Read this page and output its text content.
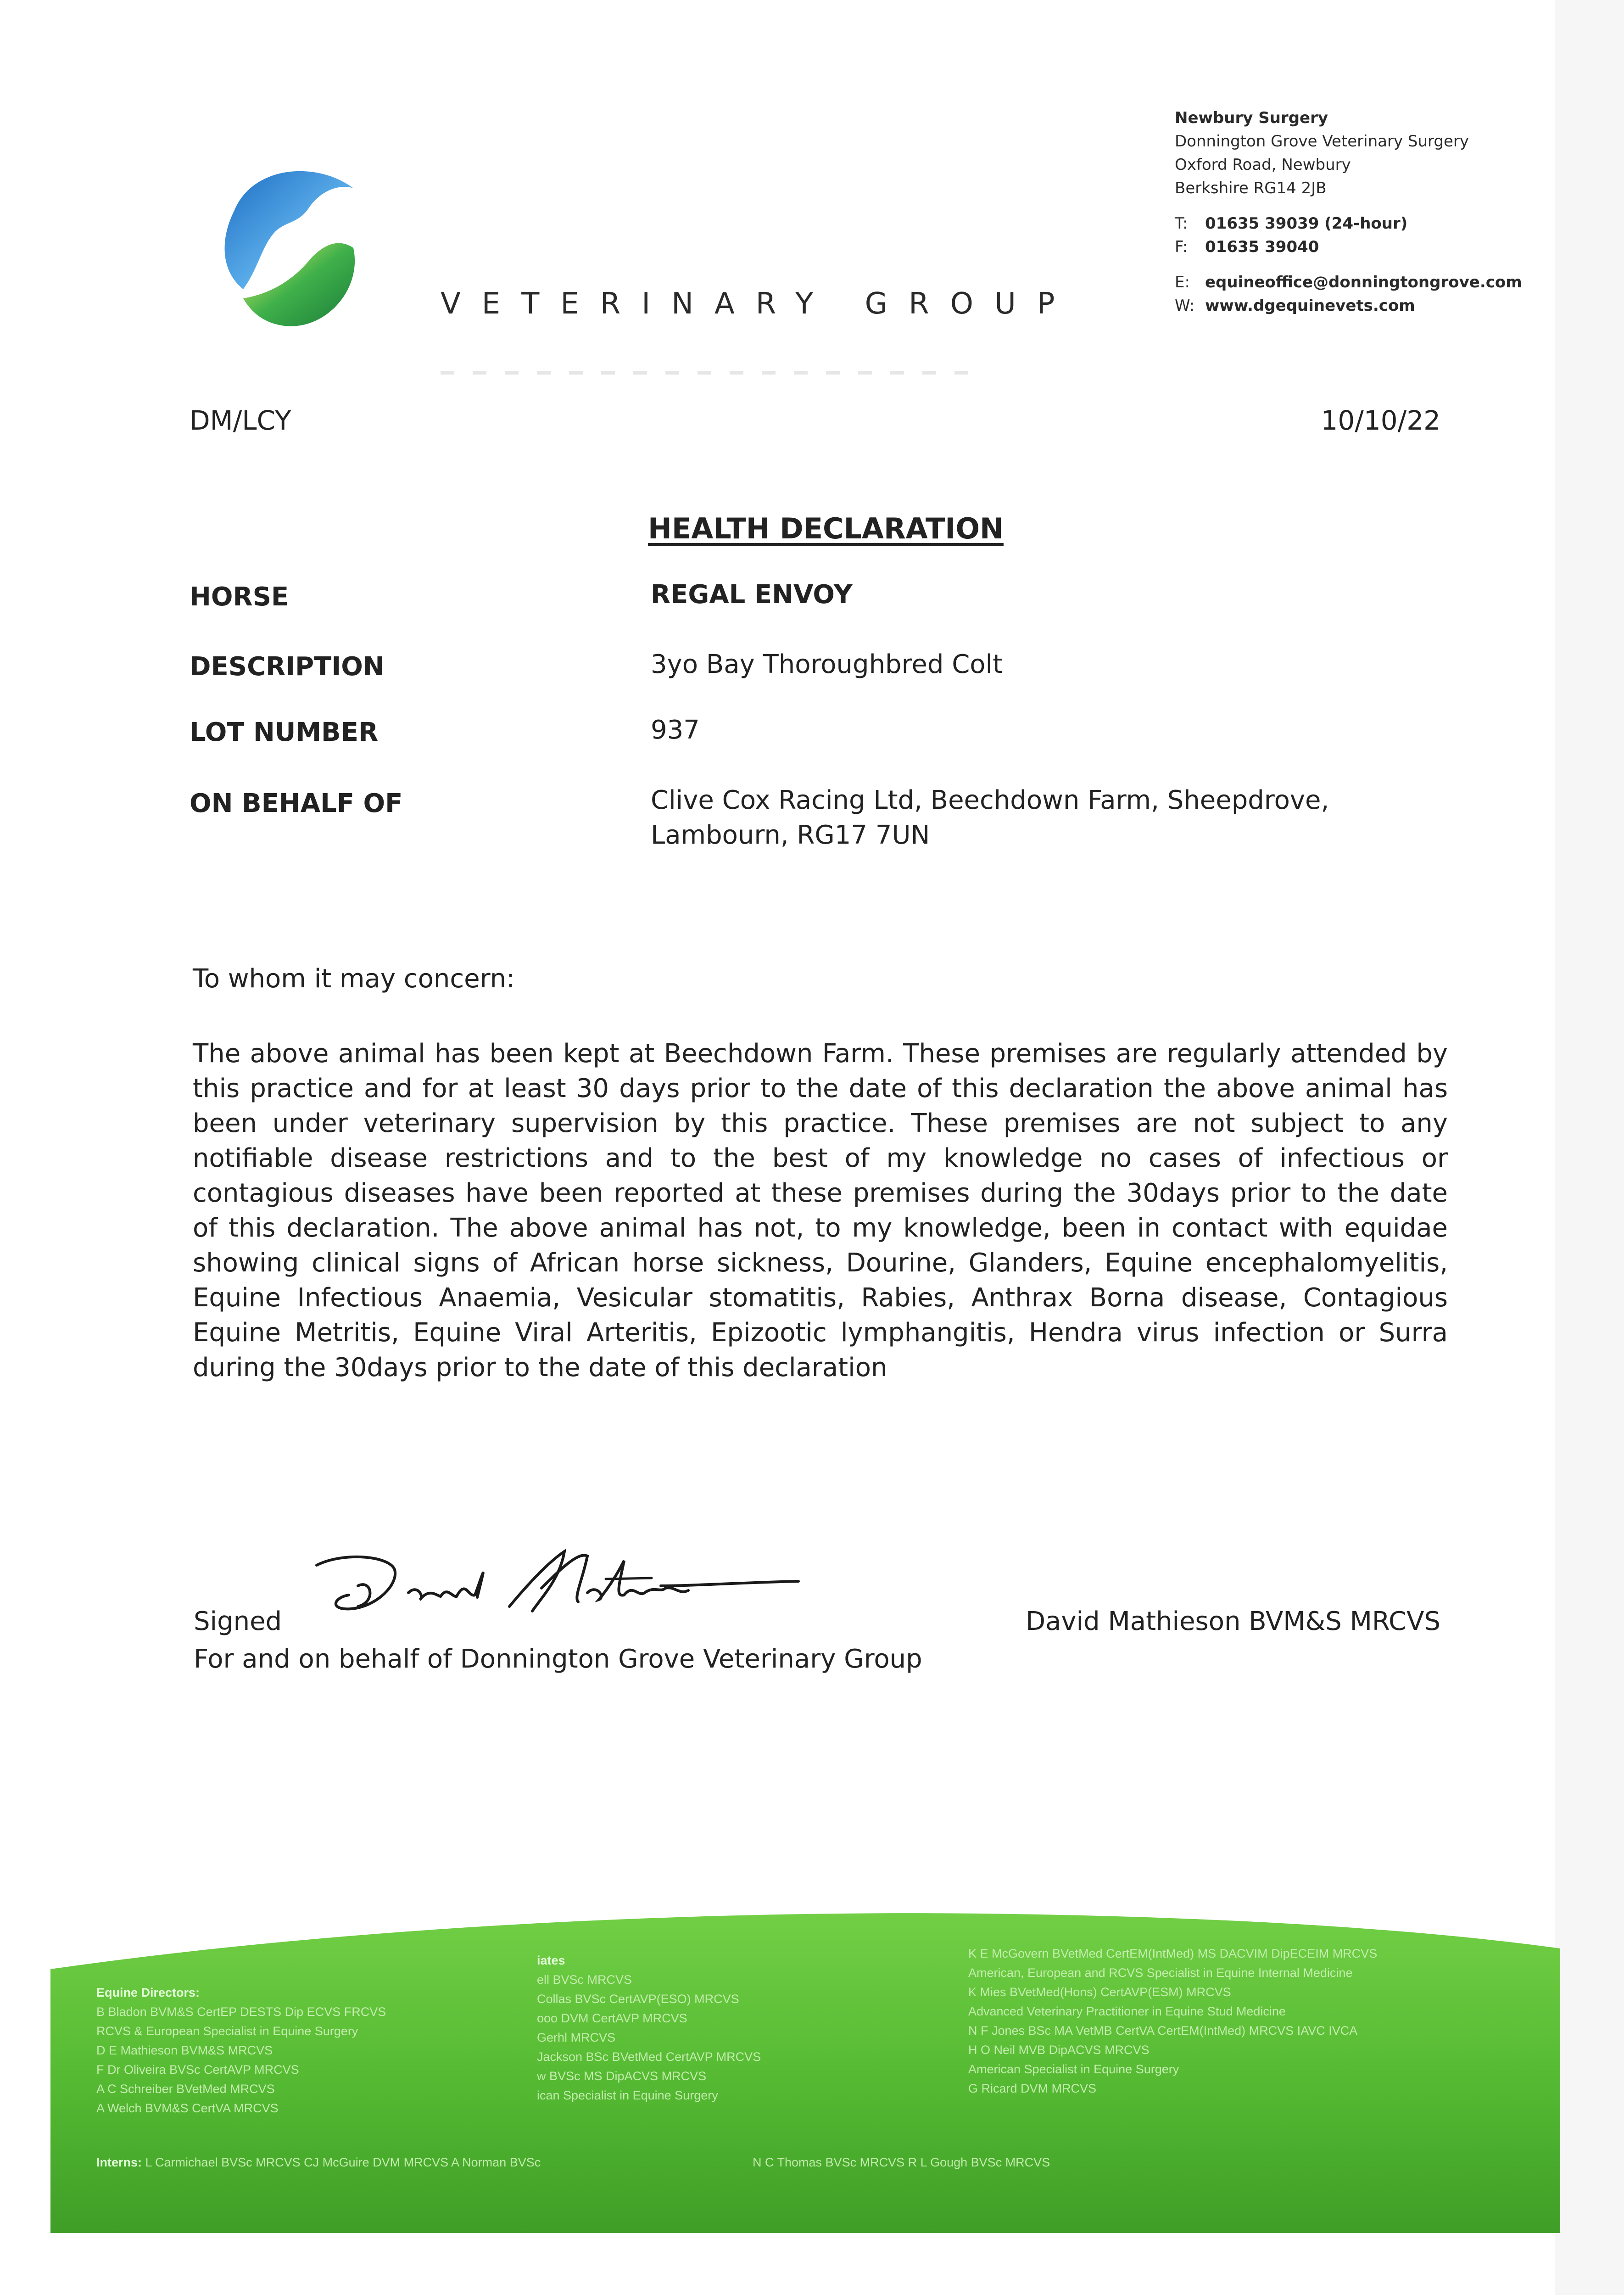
VETERINARY GROUP
Newbury Surgery
Donnington Grove Veterinary Surgery
Oxford Road, Newbury
Berkshire RG14 2JB
T: 01635 39039 (24-hour)
F: 01635 39040
E: equineoffice@donningtongrove.com
W: www.dgequinevets.com
DM/LCY	10/10/22
HEALTH DECLARATION
HORSE	REGAL ENVOY
DESCRIPTION	3yo Bay Thoroughbred Colt
LOT NUMBER	937
ON BEHALF OF	Clive Cox Racing Ltd, Beechdown Farm, Sheepdrove,
Lambourn, RG17 7UN
To whom it may concern:
The above animal has been kept at Beechdown Farm. These premises are regularly attended by this practice and for at least 30 days prior to the date of this declaration the above animal has been under veterinary supervision by this practice. These premises are not subject to any notifiable disease restrictions and to the best of my knowledge no cases of infectious or contagious diseases have been reported at these premises during the 30days prior to the date of this declaration. The above animal has not, to my knowledge, been in contact with equidae showing clinical signs of African horse sickness, Dourine, Glanders, Equine encephalomyelitis, Equine Infectious Anaemia, Vesicular stomatitis, Rabies, Anthrax Borna disease, Contagious Equine Metritis, Equine Viral Arteritis, Epizootic lymphangitis, Hendra virus infection or Surra during the 30days prior to the date of this declaration
Signed	David Mathieson BVM&S MRCVS
For and on behalf of Donnington Grove Veterinary Group
Equine Directors:
B Bladon BVM&S CertEP DESTS Dip ECVS FRCVS
RCVS & European Specialist in Equine Surgery
D E Mathieson BVM&S MRCVS
F Dr Oliveira BVSc CertAVP MRCVS
A C Schreiber BVetMed MRCVS
A Welch BVM&S CertVA MRCVS
iates
ell BVSc MRCVS
Collas BVSc CertAVP(ESO) MRCVS
ooo DVM CertAVP MRCVS
Gerhl MRCVS
Jackson BSc BVetMed CertAVP MRCVS
w BVSc MS DipACVS MRCVS
ican Specialist in Equine Surgery
K E McGovern BVetMed CertEM(IntMed) MS DACVIM DipECEIM MRCVS
American, European and RCVS Specialist in Equine Internal Medicine
K Mies BVetMed(Hons) CertAVP(ESM) MRCVS
Advanced Veterinary Practitioner in Equine Stud Medicine
N F Jones BSc MA VetMB CertVA CertEM(IntMed) MRCVS IAVC IVCA
H O Neil MVB DipACVS MRCVS
American Specialist in Equine Surgery
G Ricard DVM MRCVS
Interns: L Carmichael BVSc MRCVS CJ McGuire DVM MRCVS A Norman BVSc	N C Thomas BVSc MRCVS R L Gough BVSc MRCVS
